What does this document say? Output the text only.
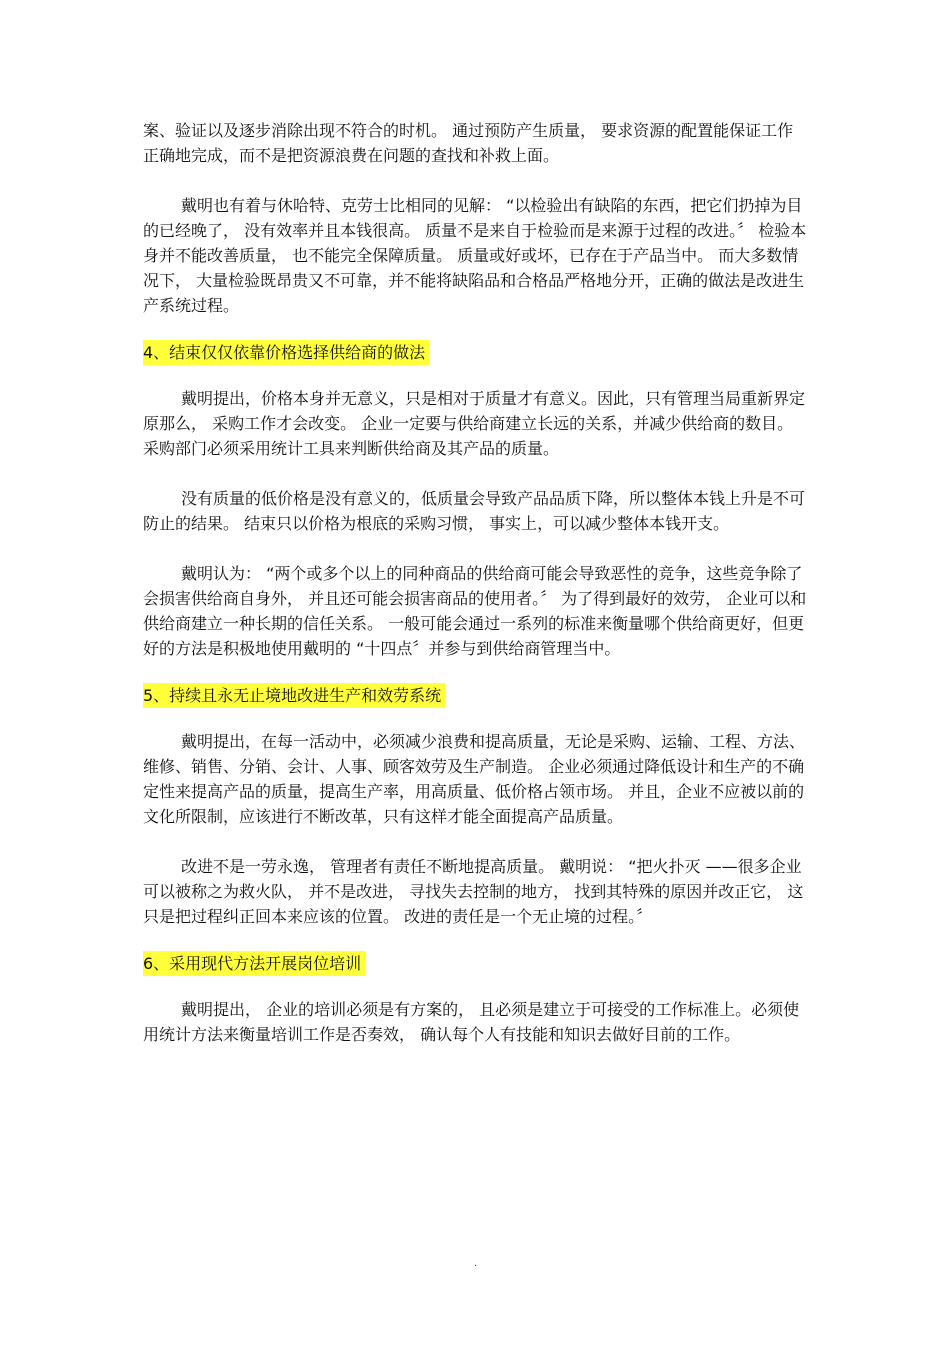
案、验证以及逐步消除出现不符合的时机。 通过预防产生质量， 要求资源的配置能保证工作正确地完成，而不是把资源浪费在问题的查找和补救上面。

戴明也有着与休哈特、克劳士比相同的见解： “以检验出有缺陷的东西，把它们扔掉为目的已经晚了， 没有效率并且本钱很高。 质量不是来自于检验而是来源于过程的改进。〞 检验本身并不能改善质量， 也不能完全保障质量。 质量或好或坏，已存在于产品当中。 而大多数情况下， 大量检验既昂贵又不可靠，并不能将缺陷品和合格品严格地分开，正确的做法是改进生产系统过程。

4、结束仅仅依靠价格选择供给商的做法

戴明提出，价格本身并无意义，只是相对于质量才有意义。因此，只有管理当局重新界定原那么， 采购工作才会改变。 企业一定要与供给商建立长远的关系，并减少供给商的数目。采购部门必须采用统计工具来判断供给商及其产品的质量。

没有质量的低价格是没有意义的，低质量会导致产品品质下降，所以整体本钱上升是不可防止的结果。 结束只以价格为根底的采购习惯， 事实上，可以减少整体本钱开支。

戴明认为： “两个或多个以上的同种商品的供给商可能会导致恶性的竞争，这些竞争除了会损害供给商自身外， 并且还可能会损害商品的使用者。〞 为了得到最好的效劳， 企业可以和供给商建立一种长期的信任关系。 一般可能会通过一系列的标准来衡量哪个供给商更好，但更好的方法是积极地使用戴明的 “十四点〞并参与到供给商管理当中。

5、持续且永无止境地改进生产和效劳系统

戴明提出，在每一活动中，必须减少浪费和提高质量，无论是采购、运输、工程、方法、维修、销售、分销、会计、人事、顾客效劳及生产制造。 企业必须通过降低设计和生产的不确定性来提高产品的质量，提高生产率，用高质量、低价格占领市场。 并且，企业不应被以前的文化所限制，应该进行不断改革，只有这样才能全面提高产品质量。

改进不是一劳永逸， 管理者有责任不断地提高质量。 戴明说： “把火扑灭 ——很多企业可以被称之为救火队， 并不是改进， 寻找失去控制的地方， 找到其特殊的原因并改正它， 这只是把过程纠正回本来应该的位置。 改进的责任是一个无止境的过程。〞

6、采用现代方法开展岗位培训

戴明提出， 企业的培训必须是有方案的， 且必须是建立于可接受的工作标准上。必须使用统计方法来衡量培训工作是否奏效， 确认每个人有技能和知识去做好目前的工作。

.
